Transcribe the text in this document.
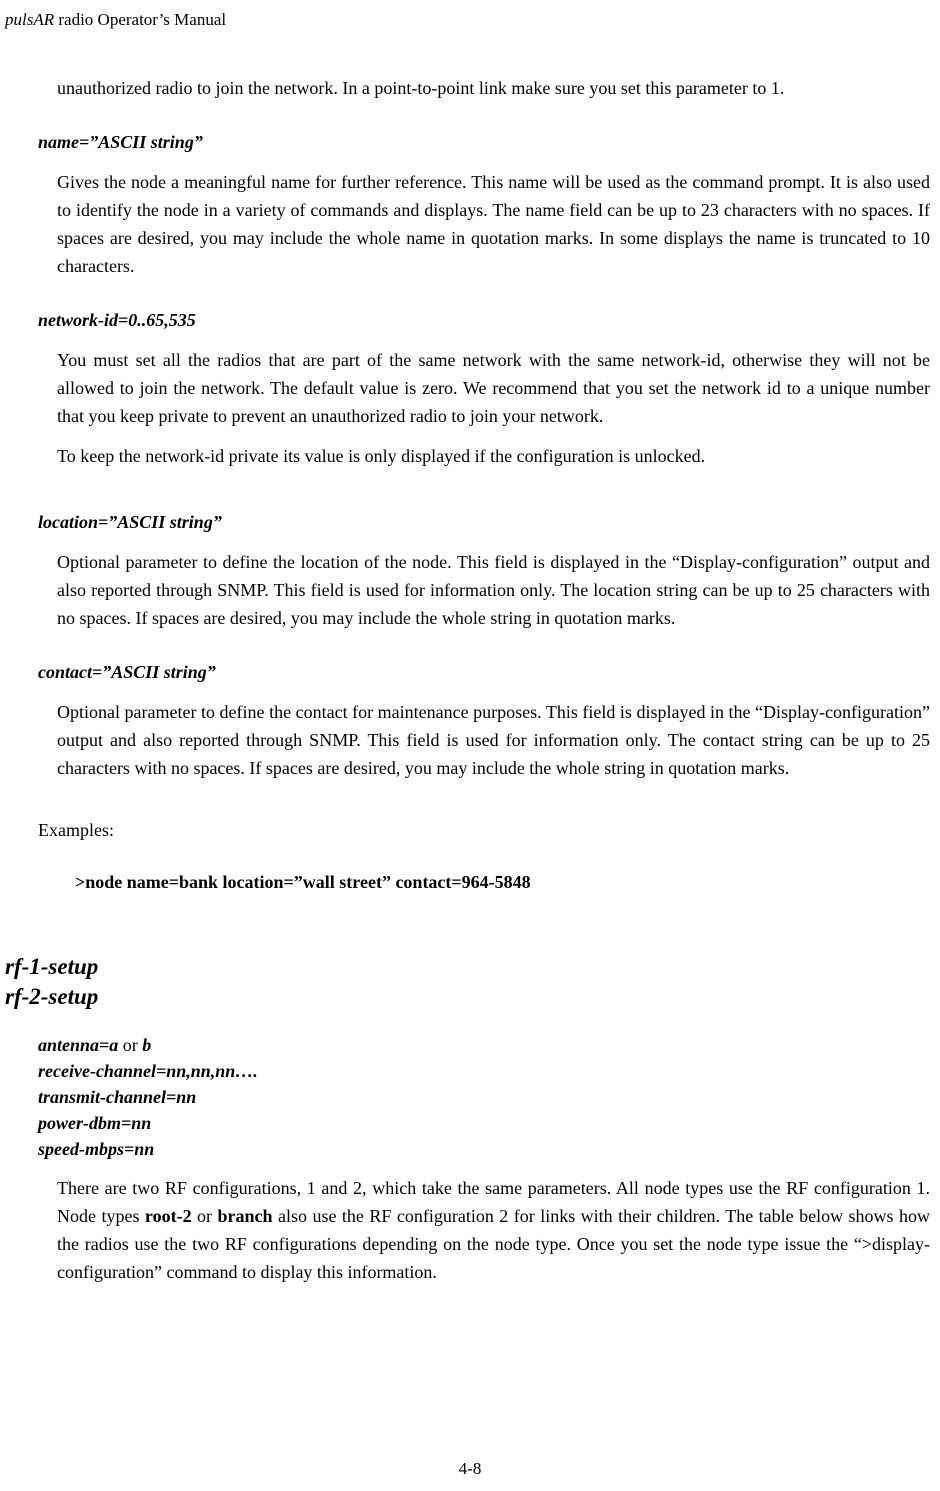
pulsAR radio Operator’s Manual

unauthorized radio to join the network. In a point-to-point link make sure you set this parameter to 1.

name=”ASCII string”

Gives the node a meaningful name for further reference. This name will be used as the command prompt. It is also used to identify the node in a variety of commands and displays. The name field can be up to 23 characters with no spaces. If spaces are desired, you may include the whole name in quotation marks. In some displays the name is truncated to 10 characters.

network-id=0..65,535

You must set all the radios that are part of the same network with the same network-id, otherwise they will not be allowed to join the network. The default value is zero. We recommend that you set the network id to a unique number that you keep private to prevent an unauthorized radio to join your network.

To keep the network-id private its value is only displayed if the configuration is unlocked.

location=”ASCII string”

Optional parameter to define the location of the node. This field is displayed in the “Display-configuration” output and also reported through SNMP. This field is used for information only. The location string can be up to 25 characters with no spaces. If spaces are desired, you may include the whole string in quotation marks.

contact=”ASCII string”

Optional parameter to define the contact for maintenance purposes. This field is displayed in the “Display-configuration” output and also reported through SNMP. This field is used for information only. The contact string can be up to 25 characters with no spaces. If spaces are desired, you may include the whole string in quotation marks.

Examples:
>node name=bank location=”wall street” contact=964-5848
rf-1-setup
rf-2-setup
antenna=a or b
receive-channel=nn,nn,nn….
transmit-channel=nn
power-dbm=nn
speed-mbps=nn

There are two RF configurations, 1 and 2, which take the same parameters. All node types use the RF configuration 1. Node types root-2 or branch also use the RF configuration 2 for links with their children. The table below shows how the radios use the two RF configurations depending on the node type. Once you set the node type issue the “>display-configuration” command to display this information.

4-8
